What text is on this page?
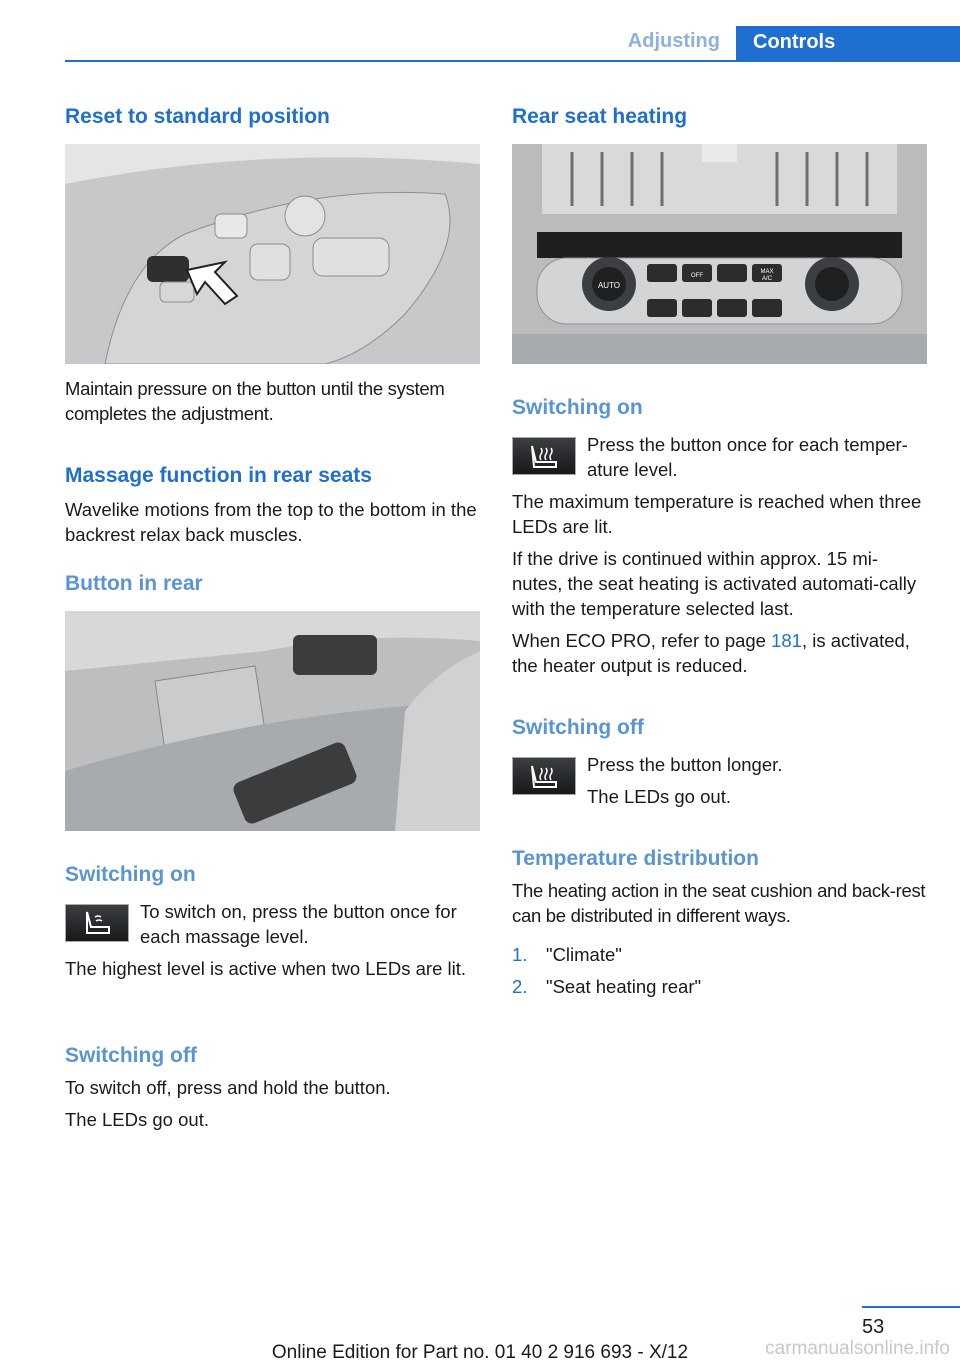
Adjusting	Controls
Reset to standard position

Maintain pressure on the button until the system completes the adjustment.

Massage function in rear seats

Wavelike motions from the top to the bottom in the backrest relax back muscles.

Button in rear
Switching on

To switch on, press the button once for each massage level.

The highest level is active when two LEDs are lit.

Switching off

To switch off, press and hold the button.

The LEDs go out.

Rear seat heating
AUTO
OFF
MAX
A/C
Switching on

Press the button once for each temper‐ature level.

The maximum temperature is reached when three LEDs are lit.

If the drive is continued within approx. 15 mi‐nutes, the seat heating is activated automati‐cally with the temperature selected last.

When ECO PRO, refer to page 181, is activated, the heater output is reduced.

Switching off

Press the button longer.

The LEDs go out.

Temperature distribution

The heating action in the seat cushion and back‐rest can be distributed in different ways.

1. "Climate"
2. "Seat heating rear"
53
Online Edition for Part no. 01 40 2 916 693 - X/12	carmanualsonline.info
